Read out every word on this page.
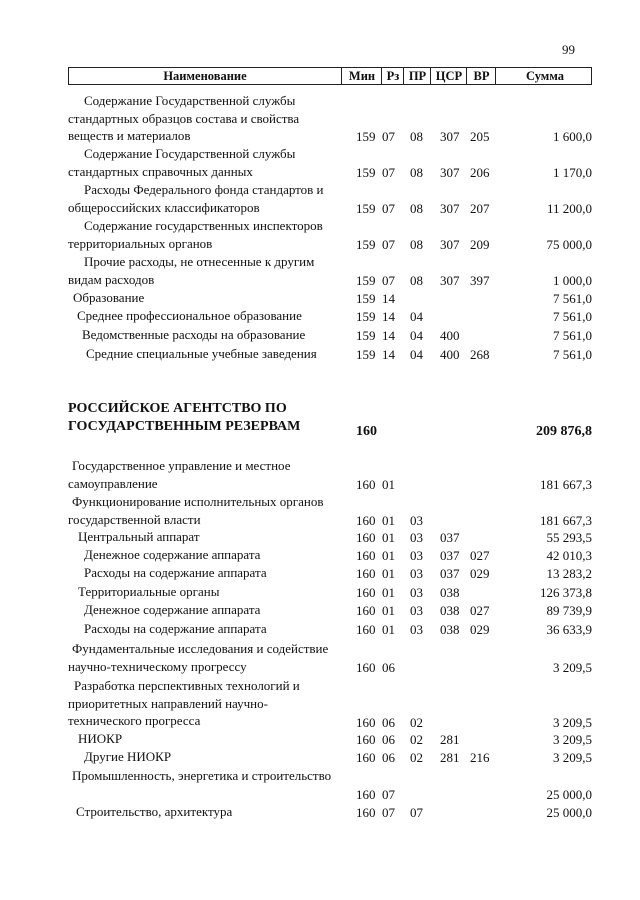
99
Наименование	Мин Рз ПР ЦСР ВР	Сумма
Содержание Государственной службы стандартных образцов состава и свойства веществ и материалов	159 07 08 307 205	1 600,0
Содержание Государственной службы стандартных справочных данных	159 07 08 307 206	1 170,0
Расходы Федерального фонда стандартов и общероссийских классификаторов	159 07 08 307 207	11 200,0
Содержание государственных инспекторов территориальных органов	159 07 08 307 209	75 000,0
Прочие расходы, не отнесенные к другим видам расходов	159 07 08 307 397	1 000,0
Образование	159 14	7 561,0
Среднее профессиональное образование	159 14 04	7 561,0
Ведомственные расходы на образование	159 14 04 400	7 561,0
Средние специальные учебные заведения	159 14 04 400 268	7 561,0
РОССИЙСКОЕ АГЕНТСТВО ПО ГОСУДАРСТВЕННЫМ РЕЗЕРВАМ	160	209 876,8
Государственное управление и местное самоуправление	160 01	181 667,3
Функционирование исполнительных органов государственной власти	160 01 03	181 667,3
Центральный аппарат	160 01 03 037	55 293,5
Денежное содержание аппарата	160 01 03 037 027	42 010,3
Расходы на содержание аппарата	160 01 03 037 029	13 283,2
Территориальные органы	160 01 03 038	126 373,8
Денежное содержание аппарата	160 01 03 038 027	89 739,9
Расходы на содержание аппарата	160 01 03 038 029	36 633,9
Фундаментальные исследования и содействие научно-техническому прогрессу	160 06	3 209,5
Разработка перспективных технологий и приоритетных направлений научно-технического прогресса	160 06 02	3 209,5
НИОКР	160 06 02 281	3 209,5
Другие НИОКР	160 06 02 281 216	3 209,5
Промышленность, энергетика и строительство
160 07	25 000,0
Строительство, архитектура	160 07 07	25 000,0
